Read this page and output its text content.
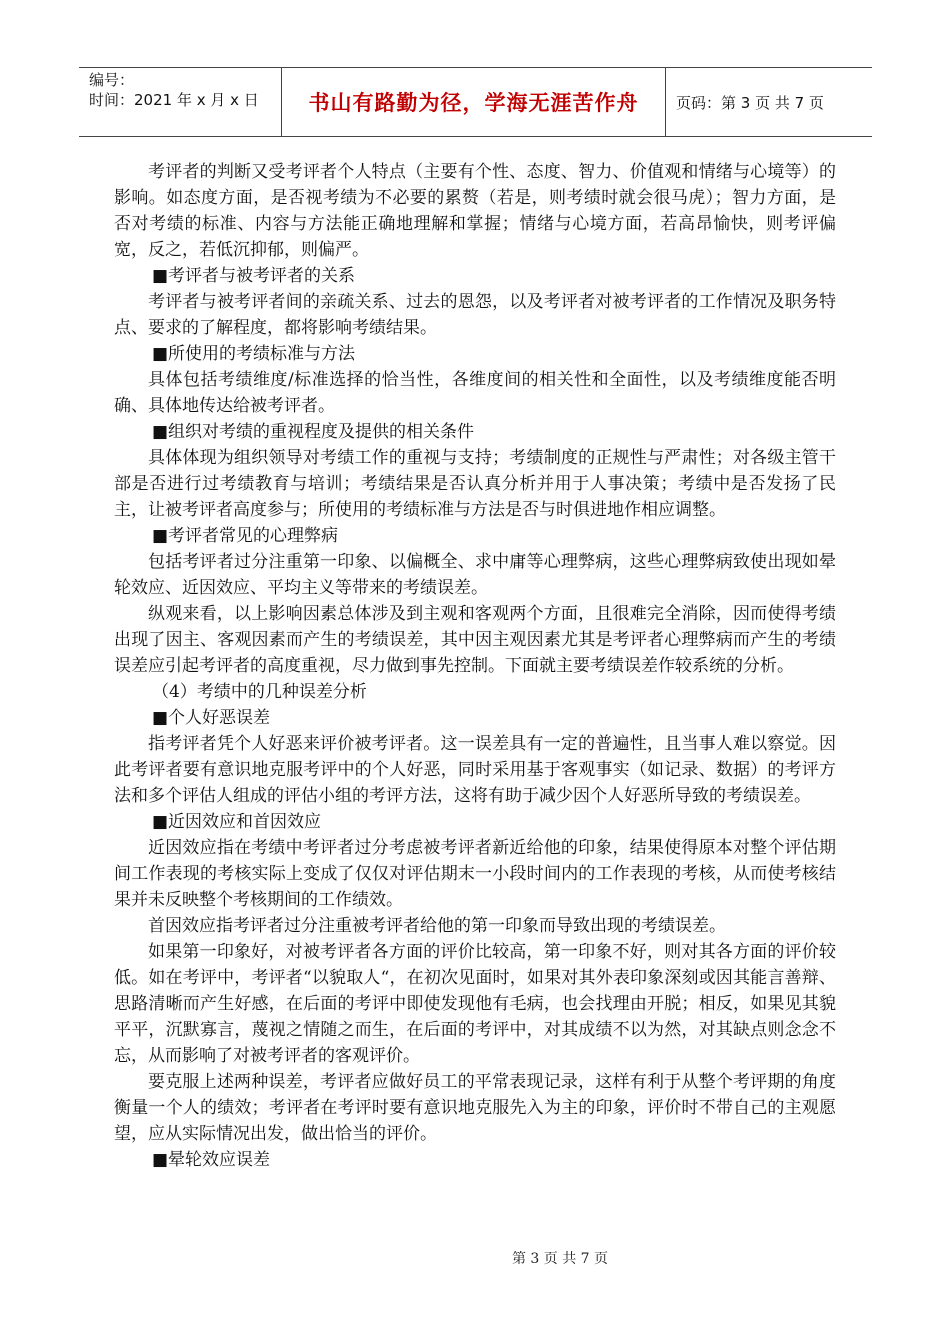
编号：
时间：2021 年 x 月 x 日	书山有路勤为径，学海无涯苦作舟	页码：第 3 页 共 7 页

考评者的判断又受考评者个人特点（主要有个性、态度、智力、价值观和情绪与心境等）的影响。如态度方面，是否视考绩为不必要的累赘（若是，则考绩时就会很马虎）；智力方面，是否对考绩的标准、内容与方法能正确地理解和掌握；情绪与心境方面，若高昂愉快，则考评偏宽，反之，若低沉抑郁，则偏严。

■考评者与被考评者的关系

考评者与被考评者间的亲疏关系、过去的恩怨，以及考评者对被考评者的工作情况及职务特点、要求的了解程度，都将影响考绩结果。

■所使用的考绩标准与方法

具体包括考绩维度/标准选择的恰当性，各维度间的相关性和全面性，以及考绩维度能否明确、具体地传达给被考评者。

■组织对考绩的重视程度及提供的相关条件

具体体现为组织领导对考绩工作的重视与支持；考绩制度的正规性与严肃性；对各级主管干部是否进行过考绩教育与培训；考绩结果是否认真分析并用于人事决策；考绩中是否发扬了民主，让被考评者高度参与；所使用的考绩标准与方法是否与时俱进地作相应调整。

■考评者常见的心理弊病

包括考评者过分注重第一印象、以偏概全、求中庸等心理弊病，这些心理弊病致使出现如晕轮效应、近因效应、平均主义等带来的考绩误差。

纵观来看，以上影响因素总体涉及到主观和客观两个方面，且很难完全消除，因而使得考绩出现了因主、客观因素而产生的考绩误差，其中因主观因素尤其是考评者心理弊病而产生的考绩误差应引起考评者的高度重视，尽力做到事先控制。下面就主要考绩误差作较系统的分析。

（4）考绩中的几种误差分析

■个人好恶误差

指考评者凭个人好恶来评价被考评者。这一误差具有一定的普遍性，且当事人难以察觉。因此考评者要有意识地克服考评中的个人好恶，同时采用基于客观事实（如记录、数据）的考评方法和多个评估人组成的评估小组的考评方法，这将有助于减少因个人好恶所导致的考绩误差。

■近因效应和首因效应

近因效应指在考绩中考评者过分考虑被考评者新近给他的印象，结果使得原本对整个评估期间工作表现的考核实际上变成了仅仅对评估期末一小段时间内的工作表现的考核，从而使考核结果并未反映整个考核期间的工作绩效。

首因效应指考评者过分注重被考评者给他的第一印象而导致出现的考绩误差。

如果第一印象好，对被考评者各方面的评价比较高，第一印象不好，则对其各方面的评价较低。如在考评中，考评者“以貌取人“，在初次见面时，如果对其外表印象深刻或因其能言善辩、思路清晰而产生好感，在后面的考评中即使发现他有毛病，也会找理由开脱；相反，如果见其貌平平，沉默寡言，蔑视之情随之而生，在后面的考评中，对其成绩不以为然，对其缺点则念念不忘，从而影响了对被考评者的客观评价。

要克服上述两种误差，考评者应做好员工的平常表现记录，这样有利于从整个考评期的角度衡量一个人的绩效；考评者在考评时要有意识地克服先入为主的印象，评价时不带自己的主观愿望，应从实际情况出发，做出恰当的评价。

■晕轮效应误差

第 3 页 共 7 页
